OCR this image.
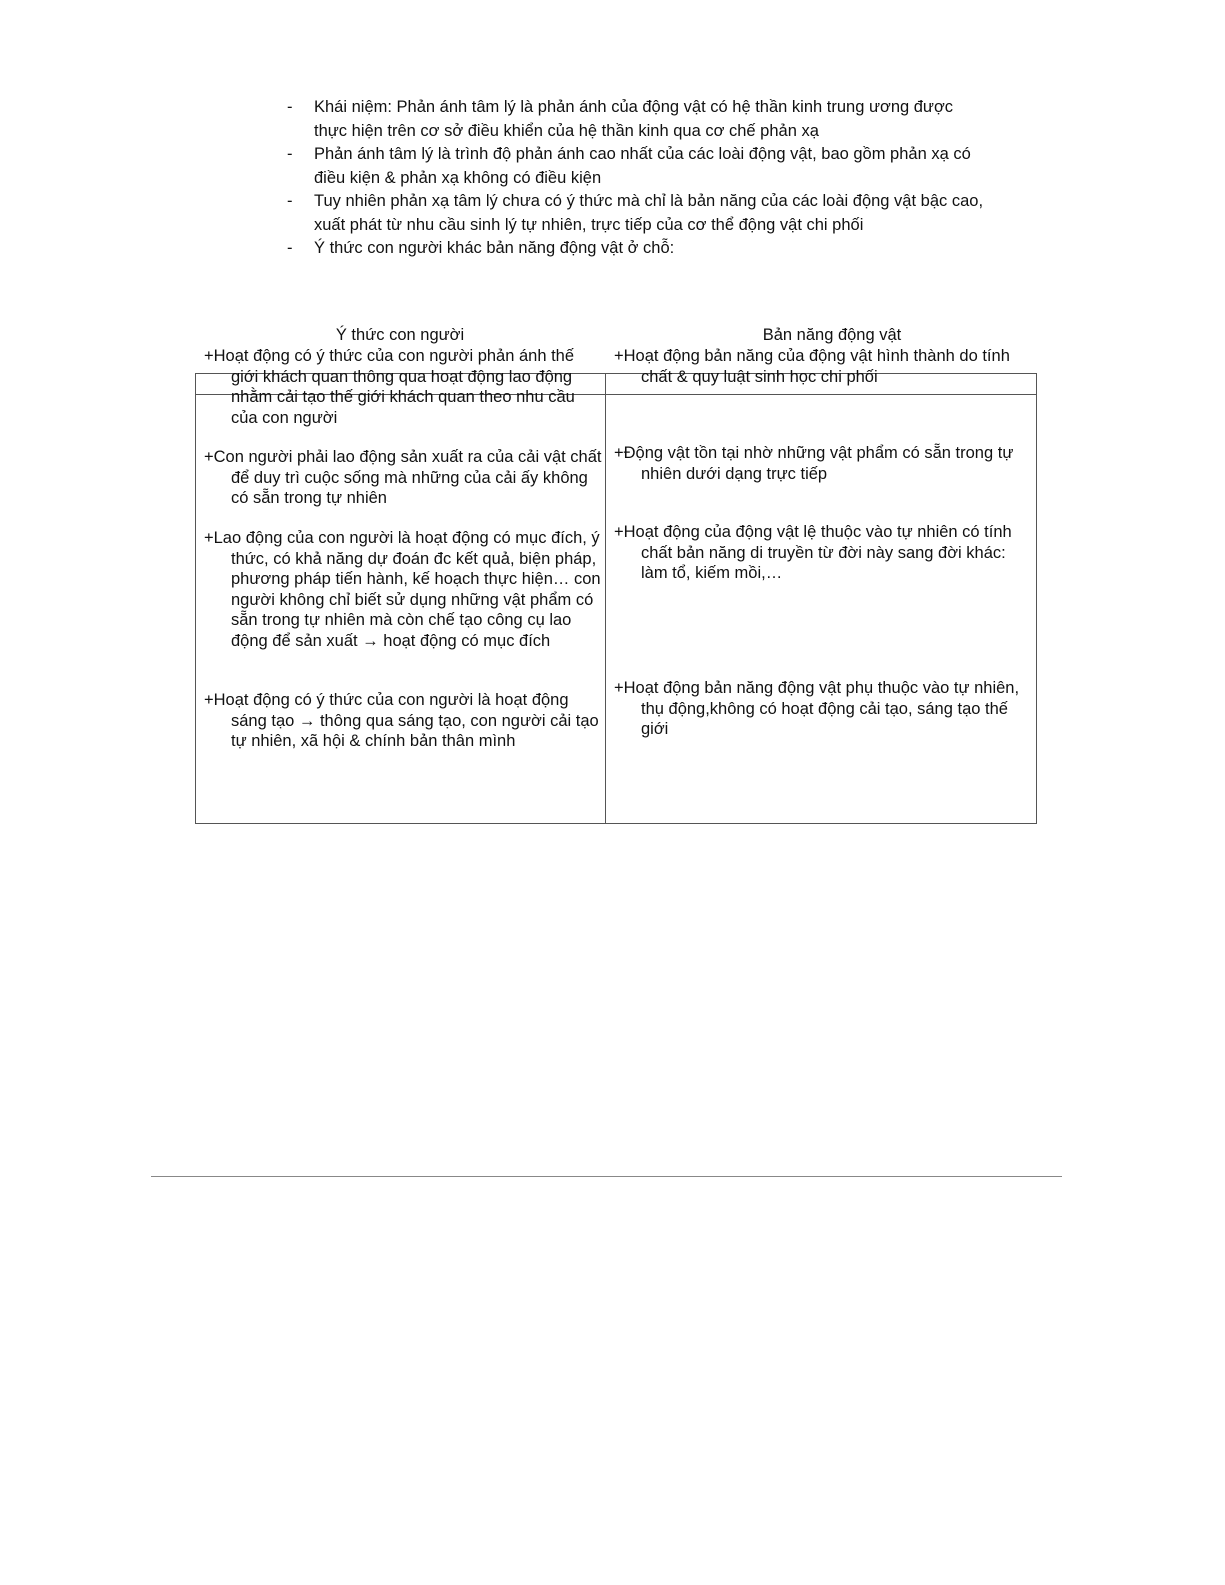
- Khái niệm: Phản ánh tâm lý là phản ánh của động vật có hệ thần kinh trung ương được thực hiện trên cơ sở điều khiển của hệ thần kinh qua cơ chế phản xạ
- Phản ánh tâm lý là trình độ phản ánh cao nhất của các loài động vật, bao gồm phản xạ có điều kiện & phản xạ không có điều kiện
- Tuy nhiên phản xạ tâm lý chưa có ý thức mà chỉ là bản năng của các loài động vật bậc cao, xuất phát từ nhu cầu sinh lý tự nhiên, trực tiếp của cơ thể động vật chi phối
- Ý thức con người khác bản năng động vật ở chỗ:
Ý thức con người	Bản năng động vật
+Hoạt động có ý thức của con người phản ánh thế giới khách quan thông qua hoạt động lao động nhằm cải tạo thế giới khách quan theo nhu cầu của con người
+Con người phải lao động sản xuất ra của cải vật chất để duy trì cuộc sống mà những của cải ấy không có sẵn trong tự nhiên
+Lao động của con người là hoạt động có mục đích, ý thức, có khả năng dự đoán đc kết quả, biện pháp, phương pháp tiến hành, kế hoạch thực hiện… con người không chỉ biết sử dụng những vật phẩm có sẵn trong tự nhiên mà còn chế tạo công cụ lao động để sản xuất → hoạt động có mục đích
+Hoạt động có ý thức của con người là hoạt động sáng tạo → thông qua sáng tạo, con người cải tạo tự nhiên, xã hội & chính bản thân mình
+Hoạt động bản năng của động vật hình thành do tính chất & quy luật sinh học chi phối
+Động vật tồn tại nhờ những vật phẩm có sẵn trong tự nhiên dưới dạng trực tiếp
+Hoạt động của động vật lệ thuộc vào tự nhiên có tính chất bản năng di truyền từ đời này sang đời khác: làm tổ, kiếm mồi,…
+Hoạt động bản năng động vật phụ thuộc vào tự nhiên, thụ động,không có hoạt động cải tạo, sáng tạo thế giới
